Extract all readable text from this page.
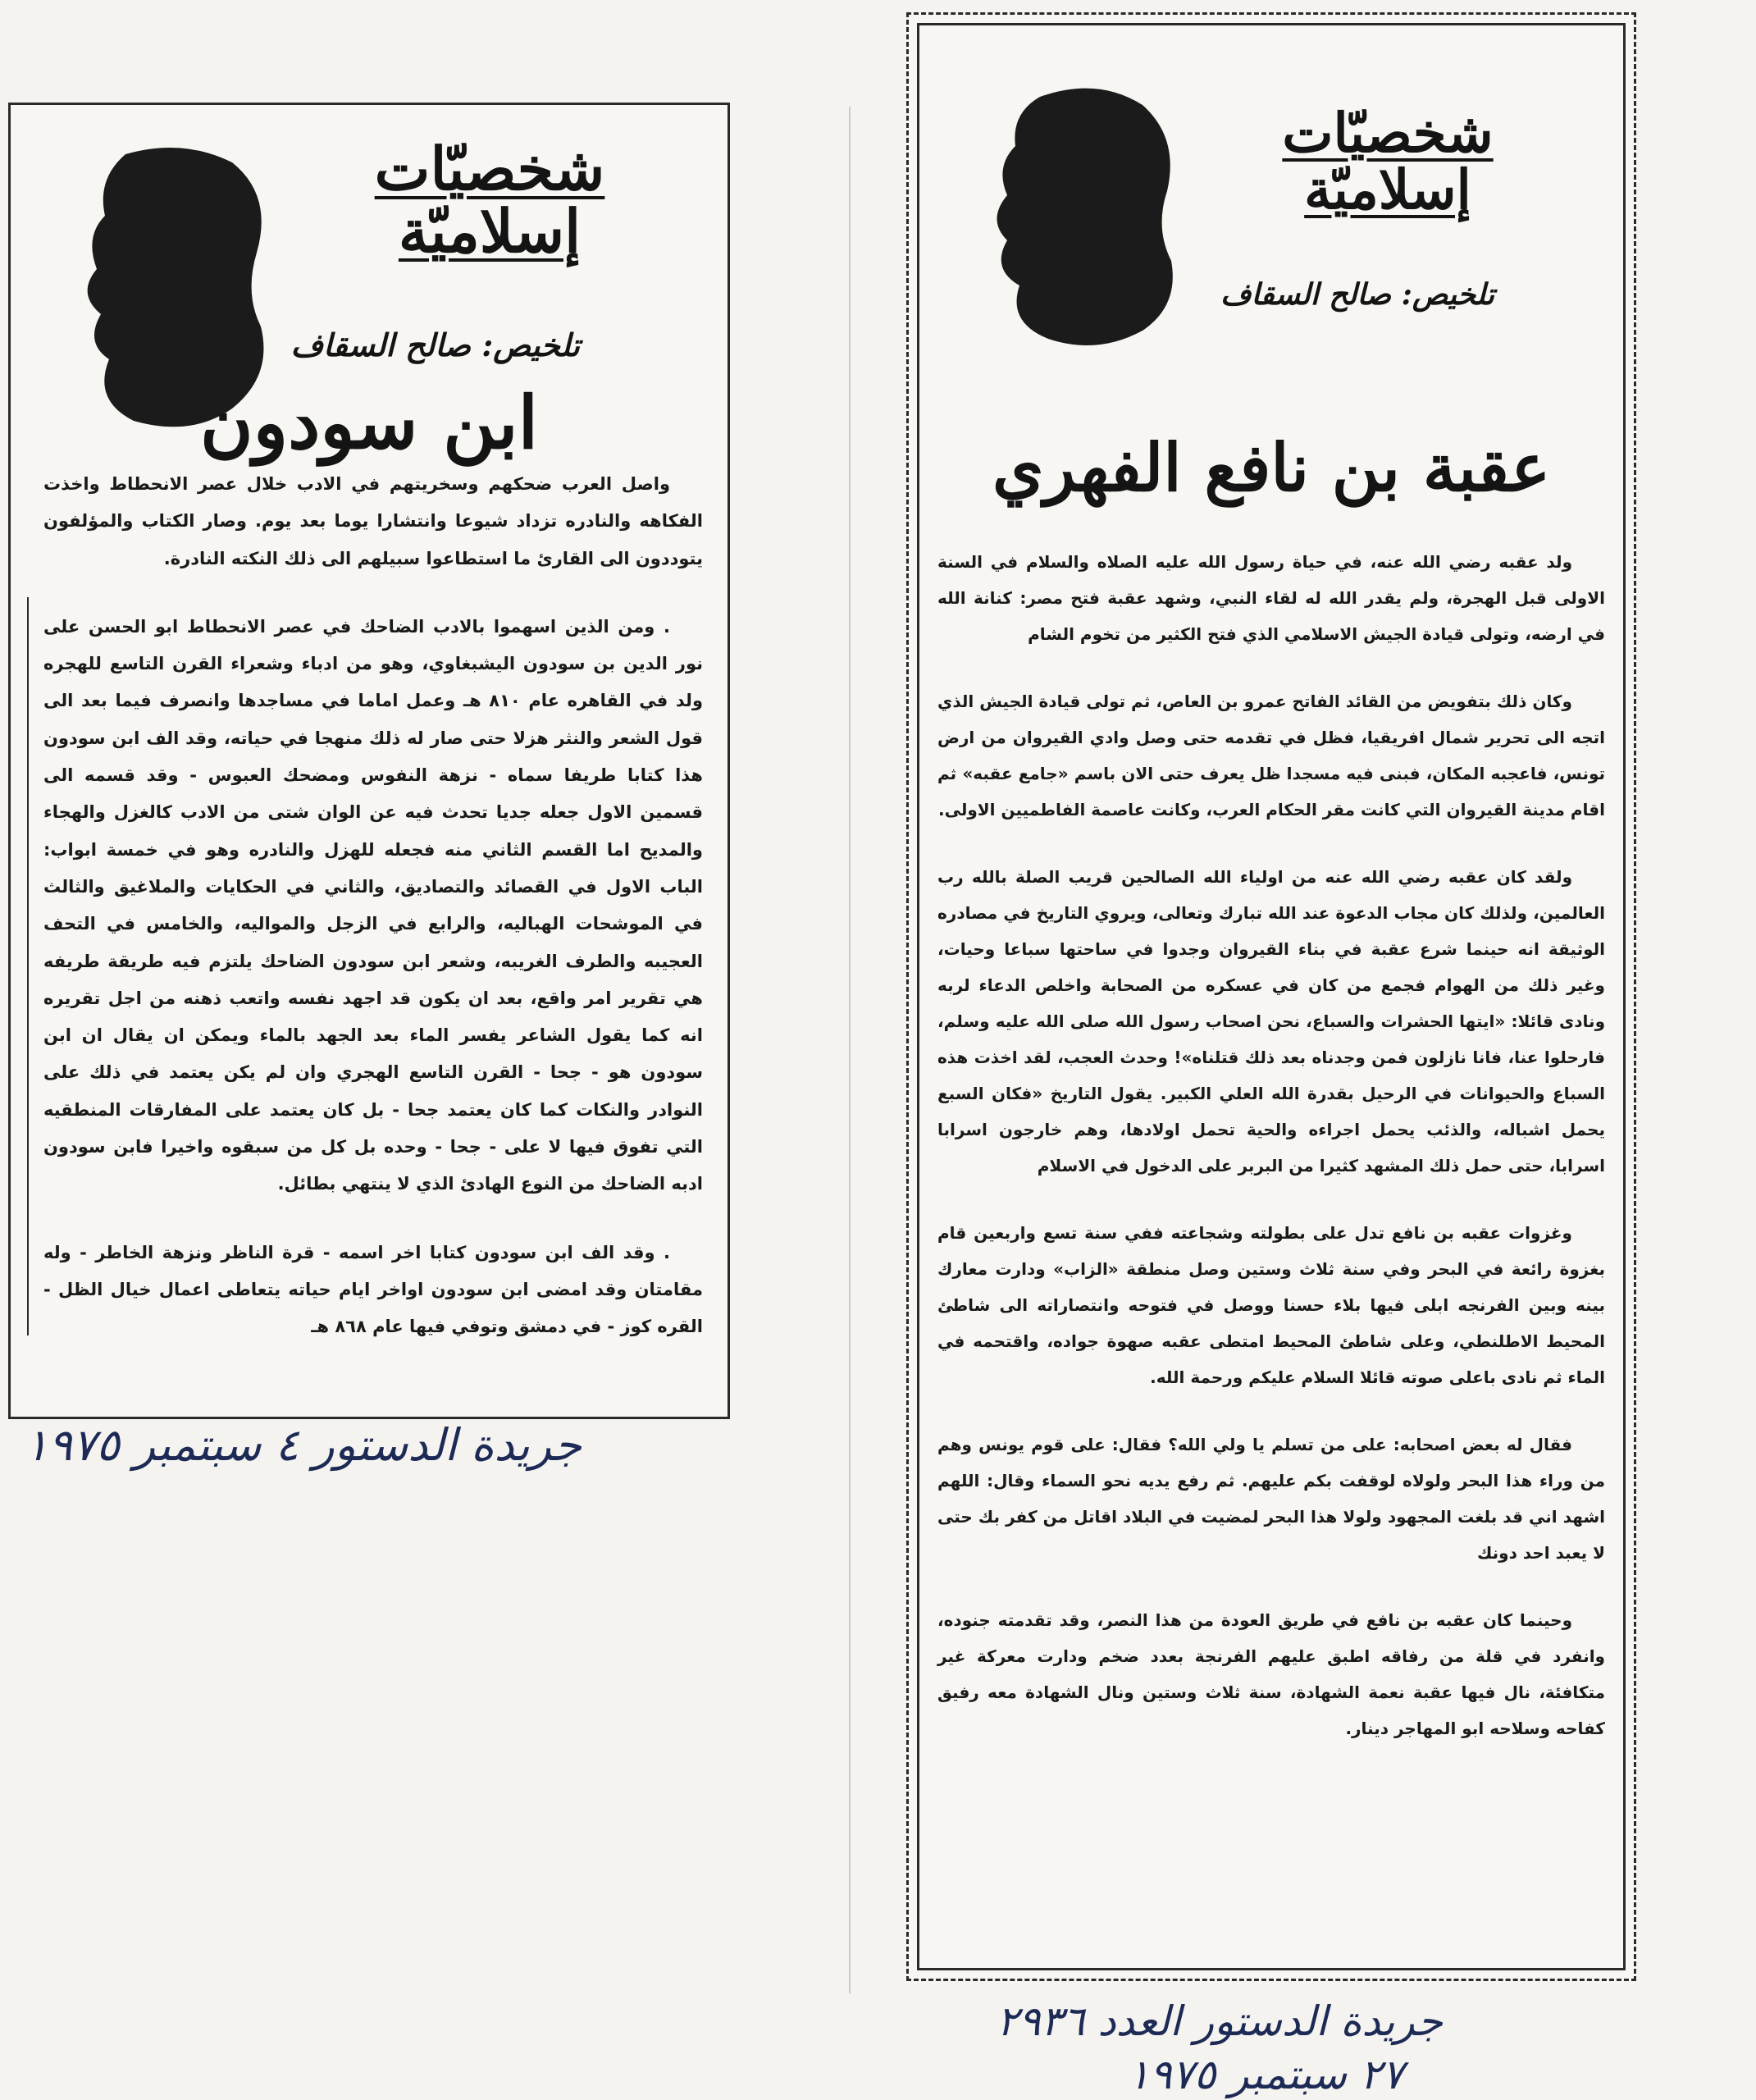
شخصيّات
إسلاميّة
تلخيص: صالح السقاف
ابن سودون

واصل العرب ضحكهم وسخريتهم في الادب خلال عصر الانحطاط واخذت الفكاهه والنادره تزداد شيوعا وانتشارا يوما بعد يوم. وصار الكتاب والمؤلفون يتوددون الى القارئ ما استطاعوا سبيلهم الى ذلك النكته النادرة.

. ومن الذين اسهموا بالادب الضاحك في عصر الانحطاط ابو الحسن على نور الدين بن سودون اليشبغاوي، وهو من ادباء وشعراء القرن التاسع للهجره ولد في القاهره عام ٨١٠ هـ وعمل اماما في مساجدها وانصرف فيما بعد الى قول الشعر والنثر هزلا حتى صار له ذلك منهجا في حياته، وقد الف ابن سودون هذا كتابا طريفا سماه - نزهة النفوس ومضحك العبوس - وقد قسمه الى قسمين الاول جعله جديا تحدث فيه عن الوان شتى من الادب كالغزل والهجاء والمديح اما القسم الثاني منه فجعله للهزل والنادره وهو في خمسة ابواب: الباب الاول في القصائد والتصاديق، والثاني في الحكايات والملاغيق والثالث في الموشحات الهباليه، والرابع في الزجل والمواليه، والخامس في التحف العجيبه والطرف الغريبه، وشعر ابن سودون الضاحك يلتزم فيه طريقة طريفه هي تقرير امر واقع، بعد ان يكون قد اجهد نفسه واتعب ذهنه من اجل تقريره انه كما يقول الشاعر يفسر الماء بعد الجهد بالماء ويمكن ان يقال ان ابن سودون هو - جحا - القرن التاسع الهجري وان لم يكن يعتمد في ذلك على النوادر والنكات كما كان يعتمد جحا - بل كان يعتمد على المفارقات المنطقيه التي تفوق فيها لا على - جحا - وحده بل كل من سبقوه واخيرا فابن سودون ادبه الضاحك من النوع الهادئ الذي لا ينتهي بطائل.

. وقد الف ابن سودون كتابا اخر اسمه - قرة الناظر ونزهة الخاطر - وله مقامتان وقد امضى ابن سودون اواخر ايام حياته يتعاطى اعمال خيال الظل - القره كوز - في دمشق وتوفي فيها عام ٨٦٨ هـ

جريدة الدستور ٤ سبتمبر ١٩٧٥
شخصيّات
إسلاميّة
تلخيص: صالح السقاف
عقبة بن نافع الفهري

ولد عقبه رضي الله عنه، في حياة رسول الله عليه الصلاه والسلام في السنة الاولى قبل الهجرة، ولم يقدر الله له لقاء النبي، وشهد عقبة فتح مصر: كنانة الله في ارضه، وتولى قيادة الجيش الاسلامي الذي فتح الكثير من تخوم الشام

وكان ذلك بتفويض من القائد الفاتح عمرو بن العاص، ثم تولى قيادة الجيش الذي اتجه الى تحرير شمال افريقيا، فظل في تقدمه حتى وصل وادي القيروان من ارض تونس، فاعجبه المكان، فبنى فيه مسجدا ظل يعرف حتى الان باسم «جامع عقبه» ثم اقام مدينة القيروان التي كانت مقر الحكام العرب، وكانت عاصمة الفاطميين الاولى.

ولقد كان عقبه رضي الله عنه من اولياء الله الصالحين قريب الصلة بالله رب العالمين، ولذلك كان مجاب الدعوة عند الله تبارك وتعالى، ويروي التاريخ في مصادره الوثيقة انه حينما شرع عقبة في بناء القيروان وجدوا في ساحتها سباعا وحيات، وغير ذلك من الهوام فجمع من كان في عسكره من الصحابة واخلص الدعاء لربه ونادى قائلا: «ايتها الحشرات والسباع، نحن اصحاب رسول الله صلى الله عليه وسلم، فارحلوا عنا، فانا نازلون فمن وجدناه بعد ذلك قتلناه»! وحدث العجب، لقد اخذت هذه السباع والحيوانات في الرحيل بقدرة الله العلي الكبير. يقول التاريخ «فكان السبع يحمل اشباله، والذئب يحمل اجراءه والحية تحمل اولادها، وهم خارجون اسرابا اسرابا، حتى حمل ذلك المشهد كثيرا من البربر على الدخول في الاسلام

وغزوات عقبه بن نافع تدل على بطولته وشجاعته ففي سنة تسع واربعين قام بغزوة رائعة في البحر وفي سنة ثلاث وستين وصل منطقة «الزاب» ودارت معارك بينه وبين الفرنجه ابلى فيها بلاء حسنا ووصل في فتوحه وانتصاراته الى شاطئ المحيط الاطلنطي، وعلى شاطئ المحيط امتطى عقبه صهوة جواده، واقتحمه في الماء ثم نادى باعلى صوته قائلا السلام عليكم ورحمة الله.

فقال له بعض اصحابه: على من تسلم يا ولي الله؟ فقال: على قوم يونس وهم من وراء هذا البحر ولولاه لوقفت بكم عليهم. ثم رفع يديه نحو السماء وقال: اللهم اشهد اني قد بلغت المجهود ولولا هذا البحر لمضيت في البلاد اقاتل من كفر بك حتى لا يعبد احد دونك

وحينما كان عقبه بن نافع في طريق العودة من هذا النصر، وقد تقدمته جنوده، وانفرد في قلة من رفاقه اطبق عليهم الفرنجة بعدد ضخم ودارت معركة غير متكافئة، نال فيها عقبة نعمة الشهادة، سنة ثلاث وستين ونال الشهادة معه رفيق كفاحه وسلاحه ابو المهاجر دينار.

جريدة الدستور العدد ٢٩٣٦
٢٧ سبتمبر ١٩٧٥
